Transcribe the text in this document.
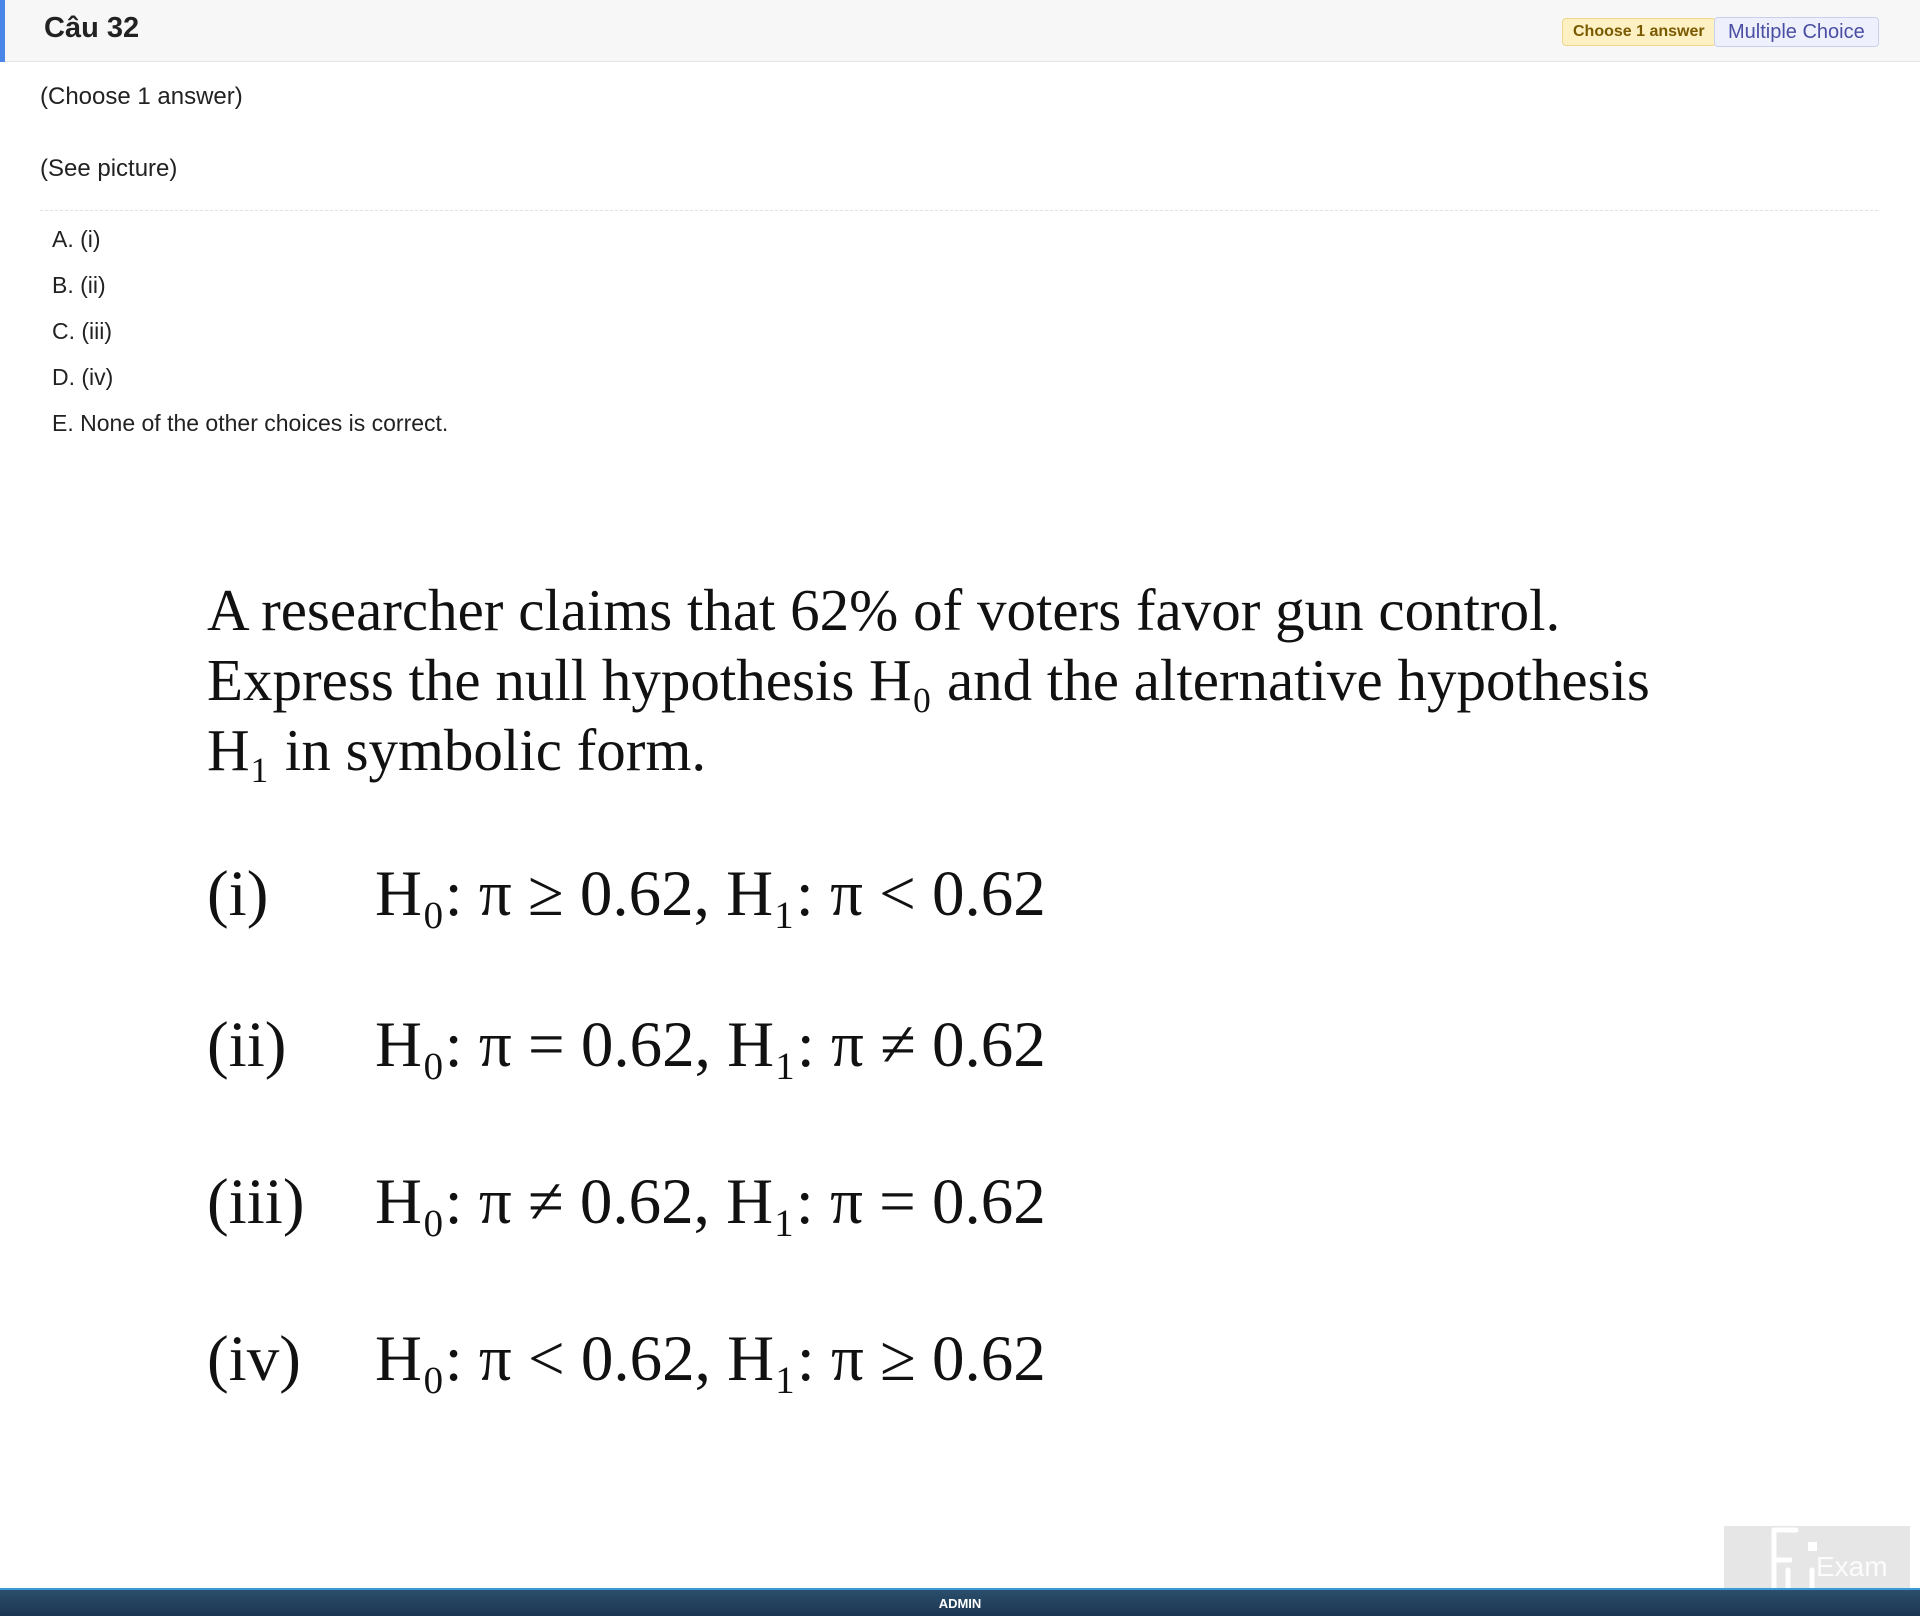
Câu 32	Choose 1 answer	Multiple Choice
(Choose 1 answer)
(See picture)
A. (i)
B. (ii)
C. (iii)
D. (iv)
E. None of the other choices is correct.
A researcher claims that 62% of voters favor gun control.
Express the null hypothesis H₀ and the alternative hypothesis
H₁ in symbolic form.
(i) H₀: π ≥ 0.62, H₁: π < 0.62
(ii) H₀: π = 0.62, H₁: π ≠ 0.62
(iii) H₀: π ≠ 0.62, H₁: π = 0.62
(iv) H₀: π < 0.62, H₁: π ≥ 0.62
Exam
ADMIN
